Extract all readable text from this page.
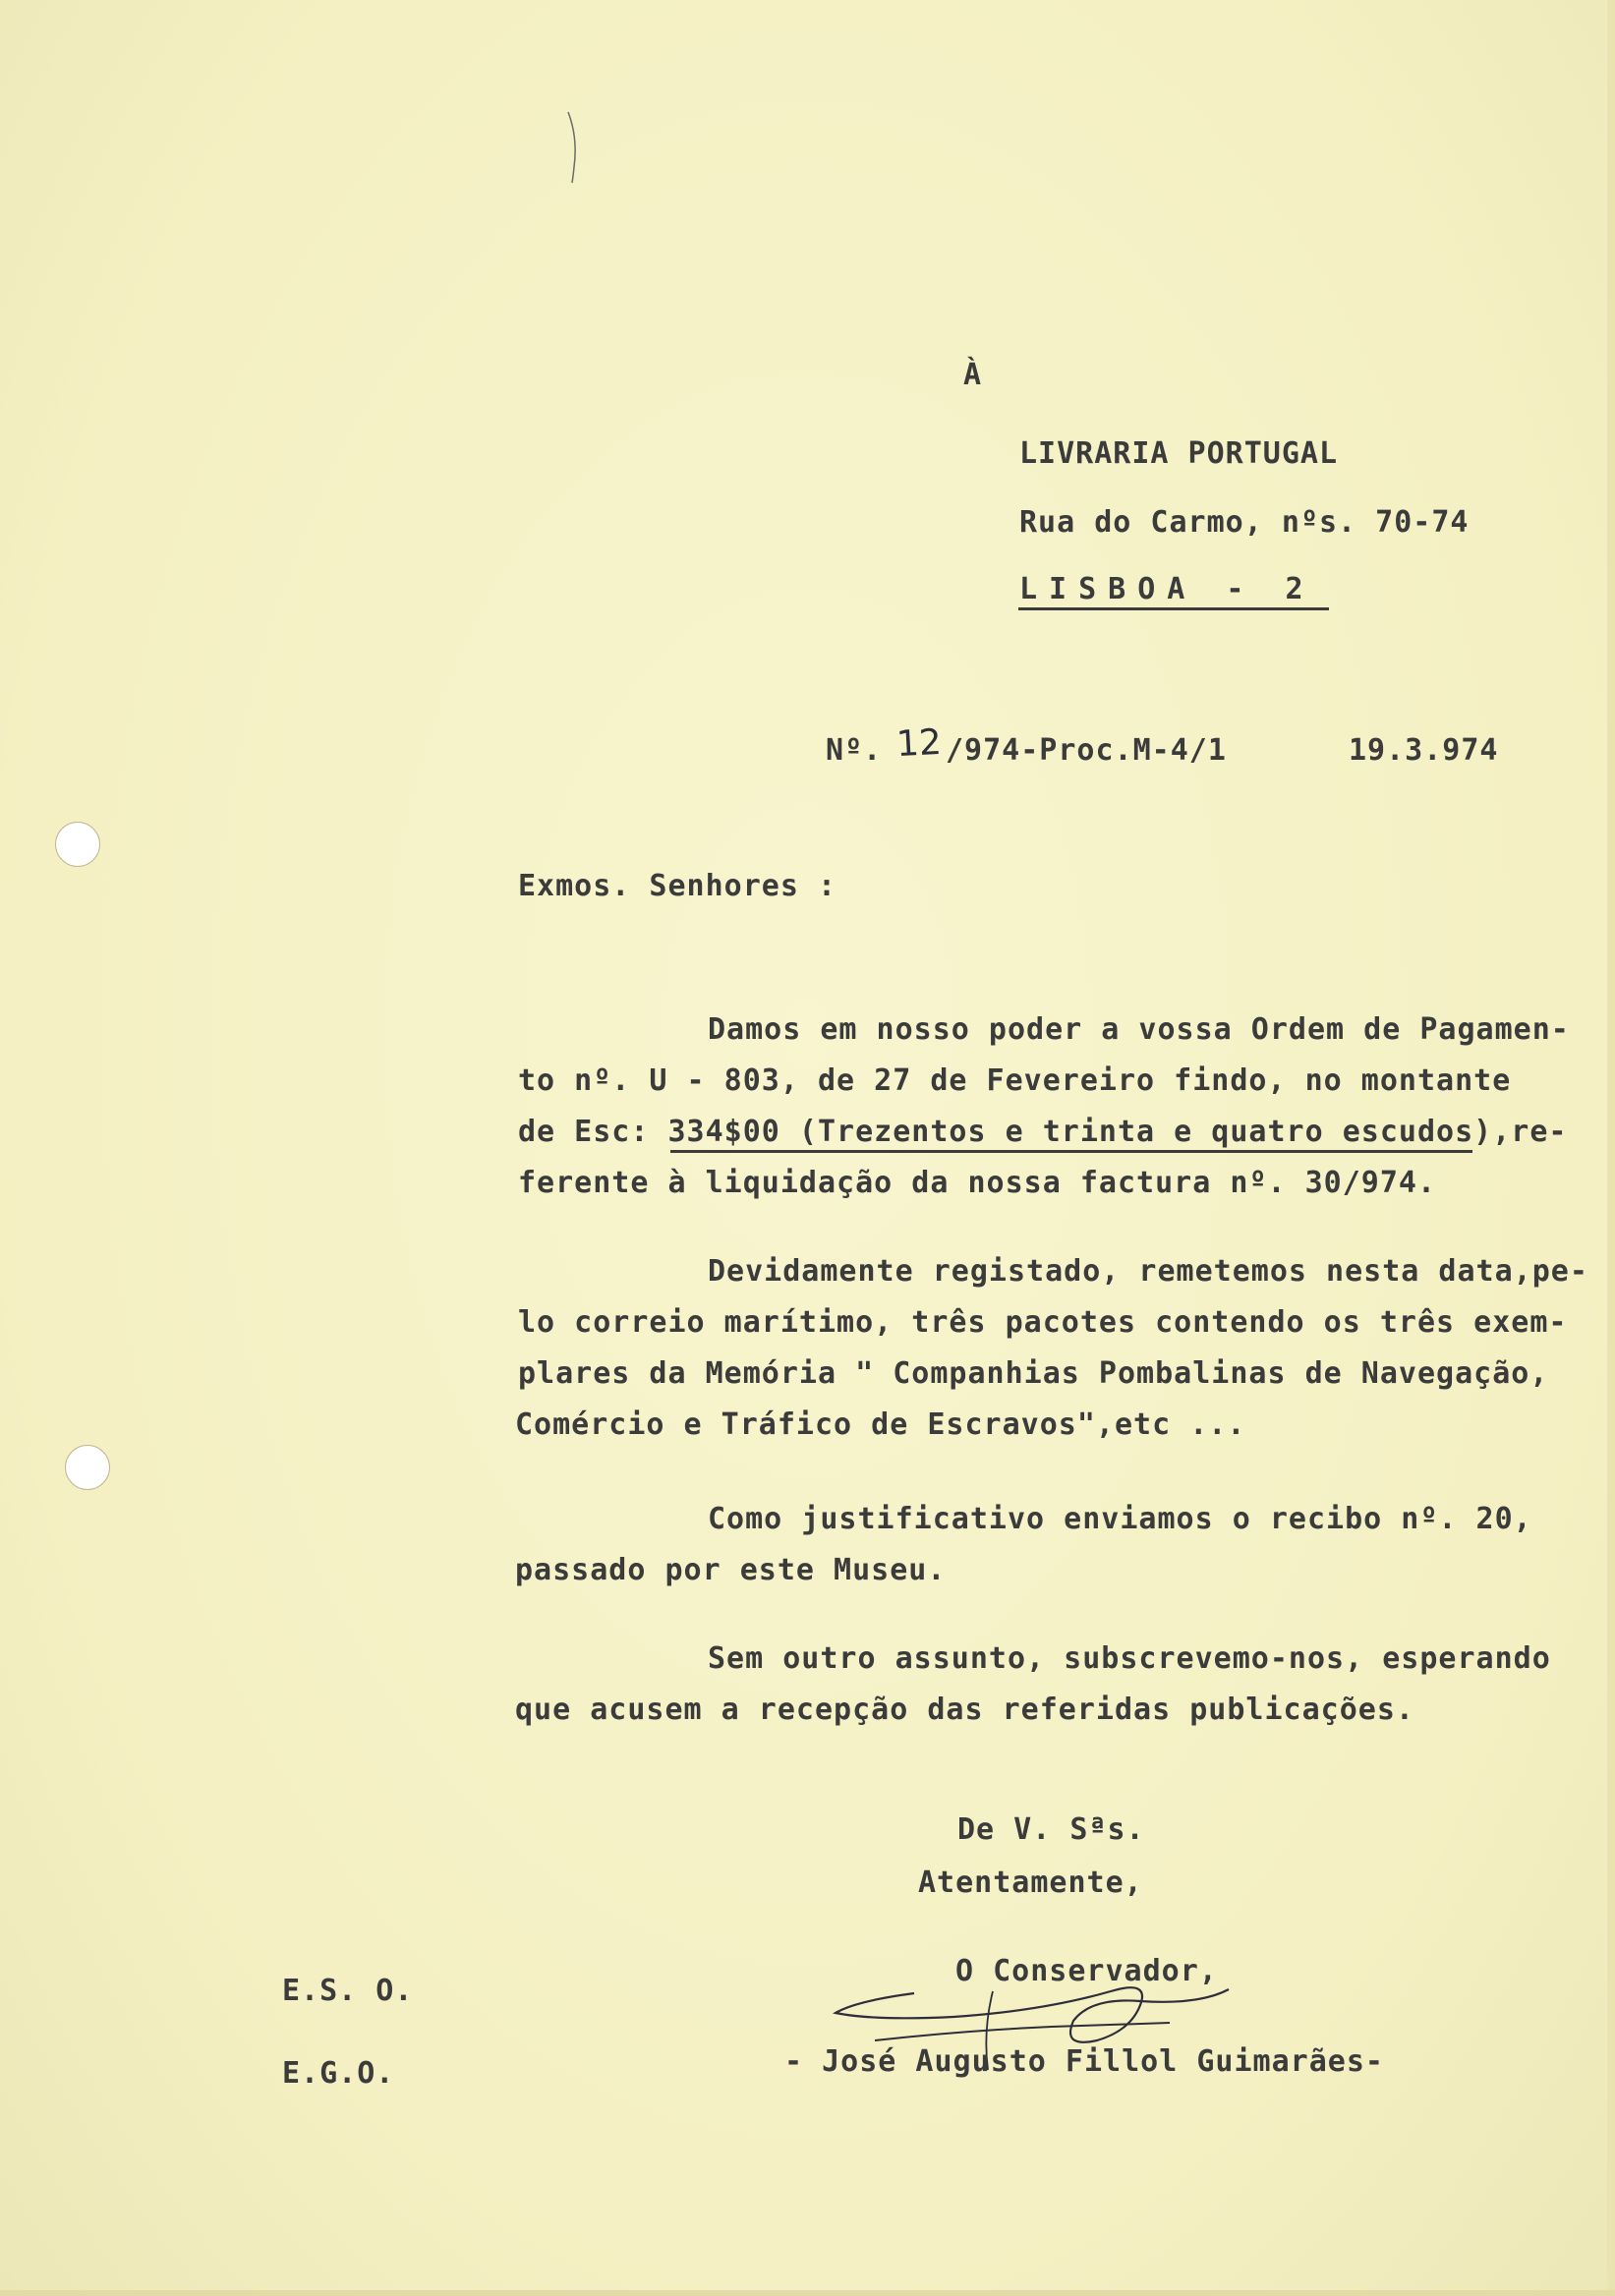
À

LIVRARIA PORTUGAL

Rua do Carmo, nºs. 70-74

LISBOA - 2

Nº. 12 /974-Proc.M-4/1	19.3.974

Exmos. Senhores :

Damos em nosso poder a vossa Ordem de Pagamen-

to nº. U - 803, de 27 de Fevereiro findo, no montante

de Esc: 334$00 (Trezentos e trinta e quatro escudos),re-

ferente à liquidação da nossa factura nº. 30/974.

Devidamente registado, remetemos nesta data,pe-

lo correio marítimo, três pacotes contendo os três exem-

plares da Memória " Companhias Pombalinas de Navegação,

Comércio e Tráfico de Escravos",etc ...

Como justificativo enviamos o recibo nº. 20,

passado por este Museu.

Sem outro assunto, subscrevemo-nos, esperando

que acusem a recepção das referidas publicações.

De V. Sªs.

Atentamente,

O Conservador,

- José Augusto Fillol Guimarães-

E.S. O.

E.G.O.
